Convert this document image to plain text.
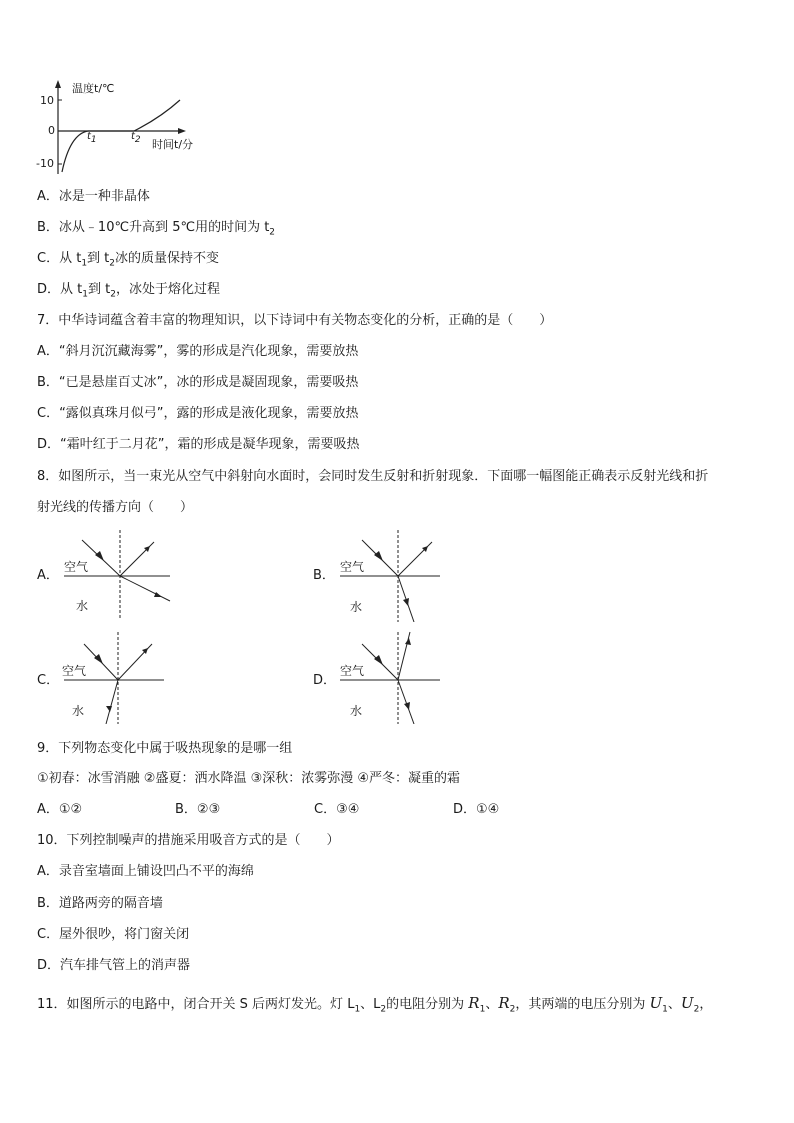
温度t/℃
10
0
-10
$t_1$	$t_2$ 时间t/分
A．冰是一种非晶体
B．冰从﹣10℃升高到 5℃用的时间为 $t_2$
C．从 $t_1$到 $t_2$冰的质量保持不变
D．从 $t_1$到 $t_2$，冰处于熔化过程
7．中华诗词蕴含着丰富的物理知识，以下诗词中有关物态变化的分析，正确的是（　　）
A．“斜月沉沉藏海雾”，雾的形成是汽化现象，需要放热
B．“已是悬崖百丈冰”，冰的形成是凝固现象，需要吸热
C．“露似真珠月似弓”，露的形成是液化现象，需要放热
D．“霜叶红于二月花”，霜的形成是凝华现象，需要吸热
8．如图所示，当一束光从空气中斜射向水面时，会同时发生反射和折射现象．下面哪一幅图能正确表示反射光线和折
射光线的传播方向（　　）
A．	B．
C．	D．
空气
水
空气
水
空气
水
空气
水
9．下列物态变化中属于吸热现象的是哪一组
①初春：冰雪消融 ②盛夏：洒水降温 ③深秋：浓雾弥漫 ④严冬：凝重的霜
A．①②	B．②③	C．③④	D．①④
10．下列控制噪声的措施采用吸音方式的是（　　）
A．录音室墙面上铺设凹凸不平的海绵
B．道路两旁的隔音墙
C．屋外很吵，将门窗关闭
D．汽车排气管上的消声器
11．如图所示的电路中，闭合开关 S 后两灯发光。灯 $L_1$、$L_2$的电阻分别为 $R_1$、$R_2$，其两端的电压分别为 $U_1$、$U_2$，
